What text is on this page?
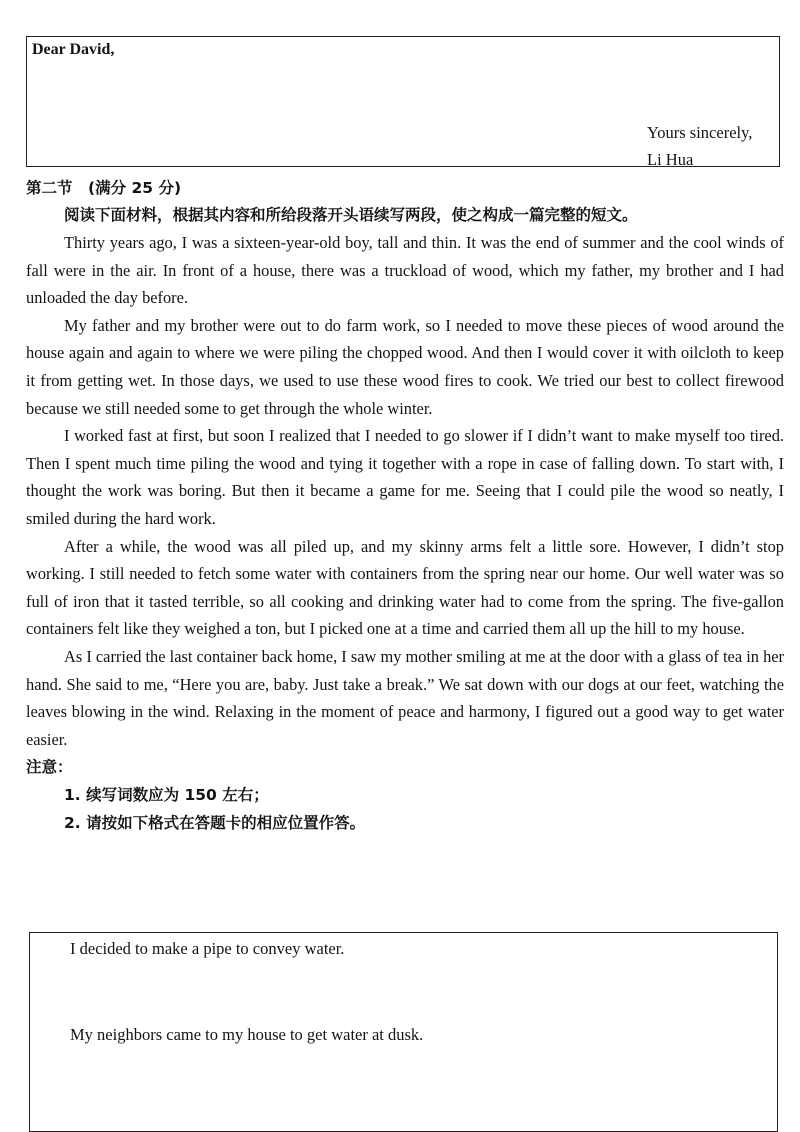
Dear David,
Yours sincerely,
Li Hua
第二节　(满分 25 分)
阅读下面材料，根据其内容和所给段落开头语续写两段，使之构成一篇完整的短文。

Thirty years ago, I was a sixteen-year-old boy, tall and thin. It was the end of summer and the cool winds of fall were in the air. In front of a house, there was a truckload of wood, which my father, my brother and I had unloaded the day before.

My father and my brother were out to do farm work, so I needed to move these pieces of wood around the house again and again to where we were piling the chopped wood. And then I would cover it with oilcloth to keep it from getting wet. In those days, we used to use these wood fires to cook. We tried our best to collect firewood because we still needed some to get through the whole winter.

I worked fast at first, but soon I realized that I needed to go slower if I didn’t want to make myself too tired. Then I spent much time piling the wood and tying it together with a rope in case of falling down. To start with, I thought the work was boring. But then it became a game for me. Seeing that I could pile the wood so neatly, I smiled during the hard work.

After a while, the wood was all piled up, and my skinny arms felt a little sore. However, I didn’t stop working. I still needed to fetch some water with containers from the spring near our home. Our well water was so full of iron that it tasted terrible, so all cooking and drinking water had to come from the spring. The five-gallon containers felt like they weighed a ton, but I picked one at a time and carried them all up the hill to my house.

As I carried the last container back home, I saw my mother smiling at me at the door with a glass of tea in her hand. She said to me, “Here you are, baby. Just take a break.” We sat down with our dogs at our feet, watching the leaves blowing in the wind. Relaxing in the moment of peace and harmony, I figured out a good way to get water easier.

注意：
1. 续写词数应为 150 左右；
2. 请按如下格式在答题卡的相应位置作答。
I decided to make a pipe to convey water.
My neighbors came to my house to get water at dusk.
